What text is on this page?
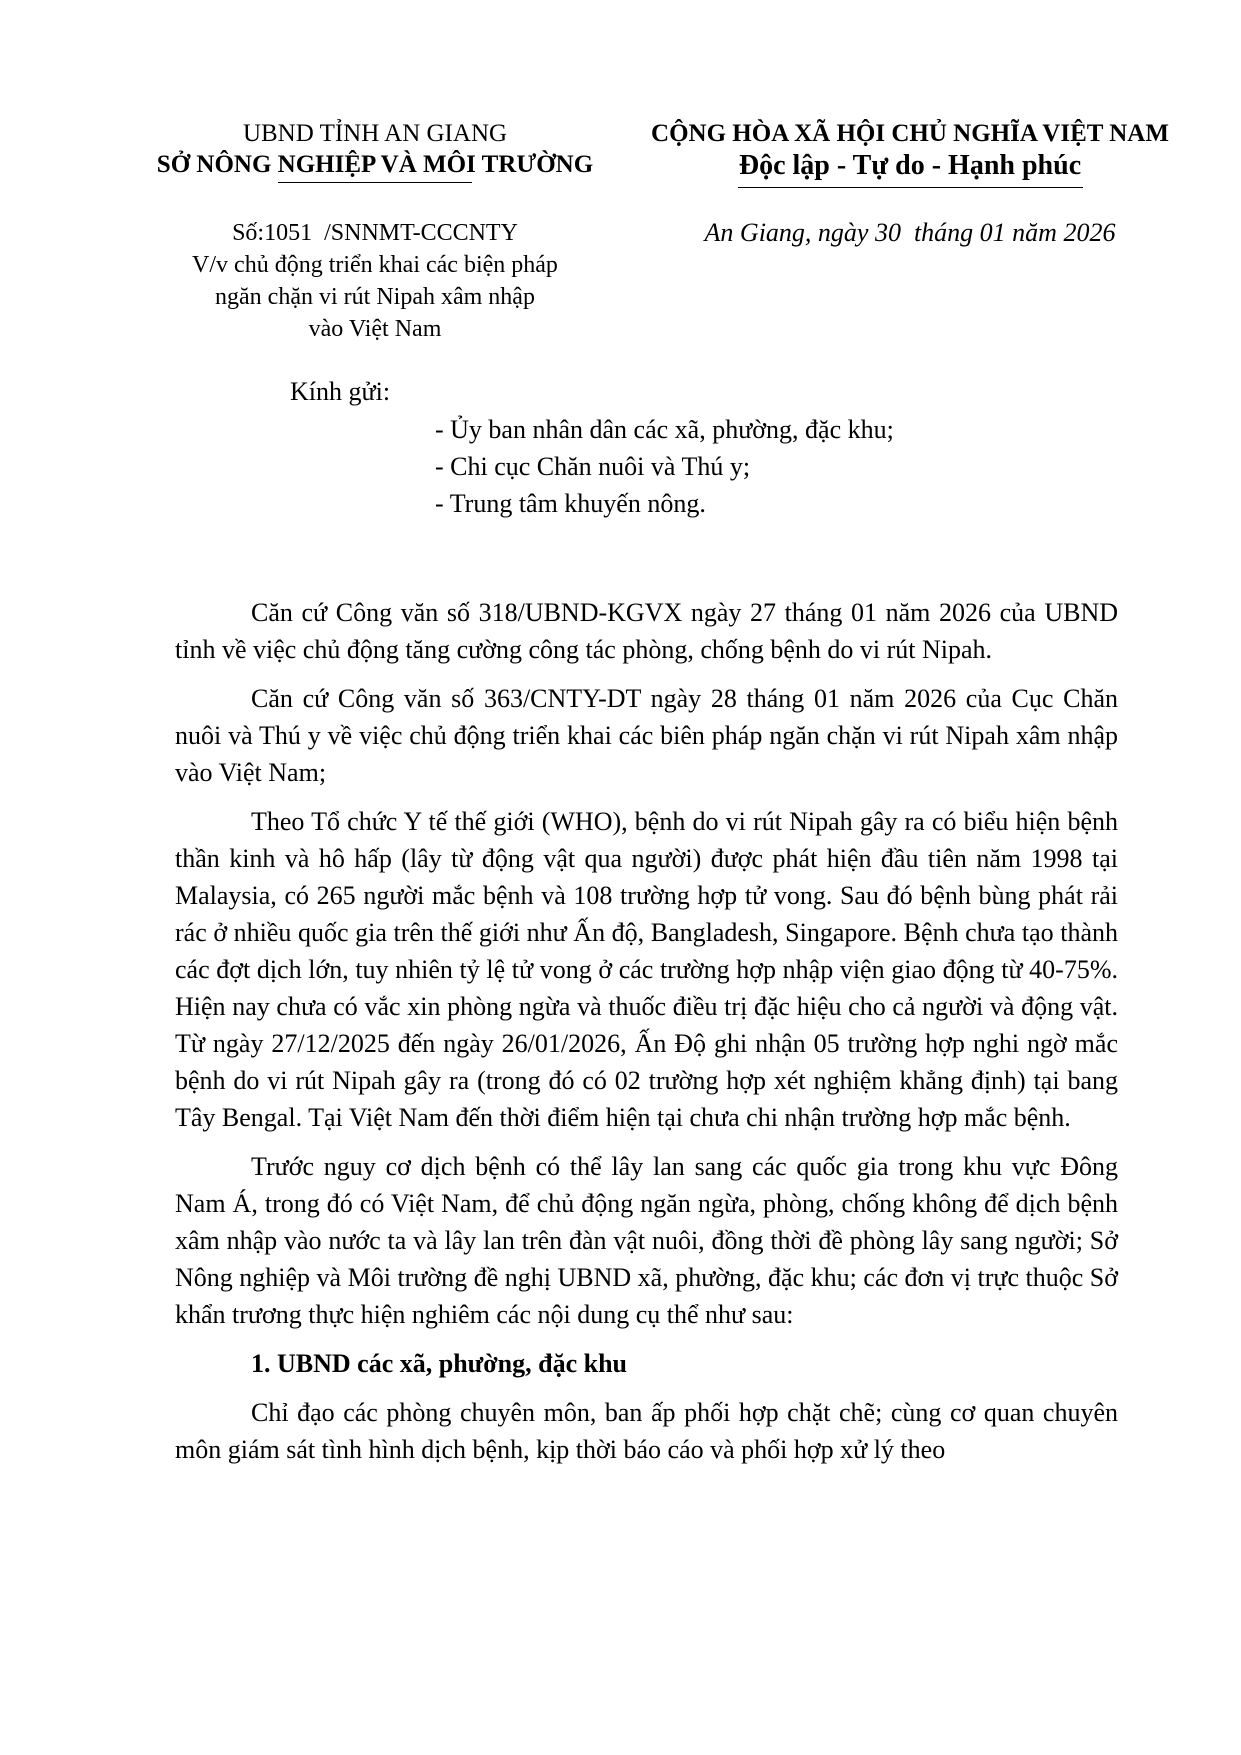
UBND TỈNH AN GIANG
SỞ NÔNG NGHIỆP VÀ MÔI TRƯỜNG
CỘNG HÒA XÃ HỘI CHỦ NGHĨA VIỆT NAM
Độc lập - Tự do - Hạnh phúc
Số:1051  /SNNMT-CCCNTY
V/v chủ động triển khai các biện pháp
ngăn chặn vi rút Nipah xâm nhập
vào Việt Nam
An Giang, ngày 30  tháng 01 năm 2026
Kính gửi:
- Ủy ban nhân dân các xã, phường, đặc khu;
- Chi cục Chăn nuôi và Thú y;
- Trung tâm khuyến nông.

Căn cứ Công văn số 318/UBND-KGVX ngày 27 tháng 01 năm 2026 của UBND tỉnh về việc chủ động tăng cường công tác phòng, chống bệnh do vi rút Nipah.

Căn cứ Công văn số 363/CNTY-DT ngày 28 tháng 01 năm 2026 của Cục Chăn nuôi và Thú y về việc chủ động triển khai các biên pháp ngăn chặn vi rút Nipah xâm nhập vào Việt Nam;

Theo Tổ chức Y tế thế giới (WHO), bệnh do vi rút Nipah gây ra có biểu hiện bệnh thần kinh và hô hấp (lây từ động vật qua người) được phát hiện đầu tiên năm 1998 tại Malaysia, có 265 người mắc bệnh và 108 trường hợp tử vong. Sau đó bệnh bùng phát rải rác ở nhiều quốc gia trên thế giới như Ấn độ, Bangladesh, Singapore. Bệnh chưa tạo thành các đợt dịch lớn, tuy nhiên tỷ lệ tử vong ở các trường hợp nhập viện giao động từ 40-75%. Hiện nay chưa có vắc xin phòng ngừa và thuốc điều trị đặc hiệu cho cả người và động vật. Từ ngày 27/12/2025 đến ngày 26/01/2026, Ấn Độ ghi nhận 05 trường hợp nghi ngờ mắc bệnh do vi rút Nipah gây ra (trong đó có 02 trường hợp xét nghiệm khẳng định) tại bang Tây Bengal. Tại Việt Nam đến thời điểm hiện tại chưa chi nhận trường hợp mắc bệnh.

Trước nguy cơ dịch bệnh có thể lây lan sang các quốc gia trong khu vực Đông Nam Á, trong đó có Việt Nam, để chủ động ngăn ngừa, phòng, chống không để dịch bệnh xâm nhập vào nước ta và lây lan trên đàn vật nuôi, đồng thời đề phòng lây sang người; Sở Nông nghiệp và Môi trường đề nghị UBND xã, phường, đặc khu; các đơn vị trực thuộc Sở khẩn trương thực hiện nghiêm các nội dung cụ thể như sau:

1. UBND các xã, phường, đặc khu

Chỉ đạo các phòng chuyên môn, ban ấp phối hợp chặt chẽ; cùng cơ quan chuyên môn giám sát tình hình dịch bệnh, kịp thời báo cáo và phối hợp xử lý theo
